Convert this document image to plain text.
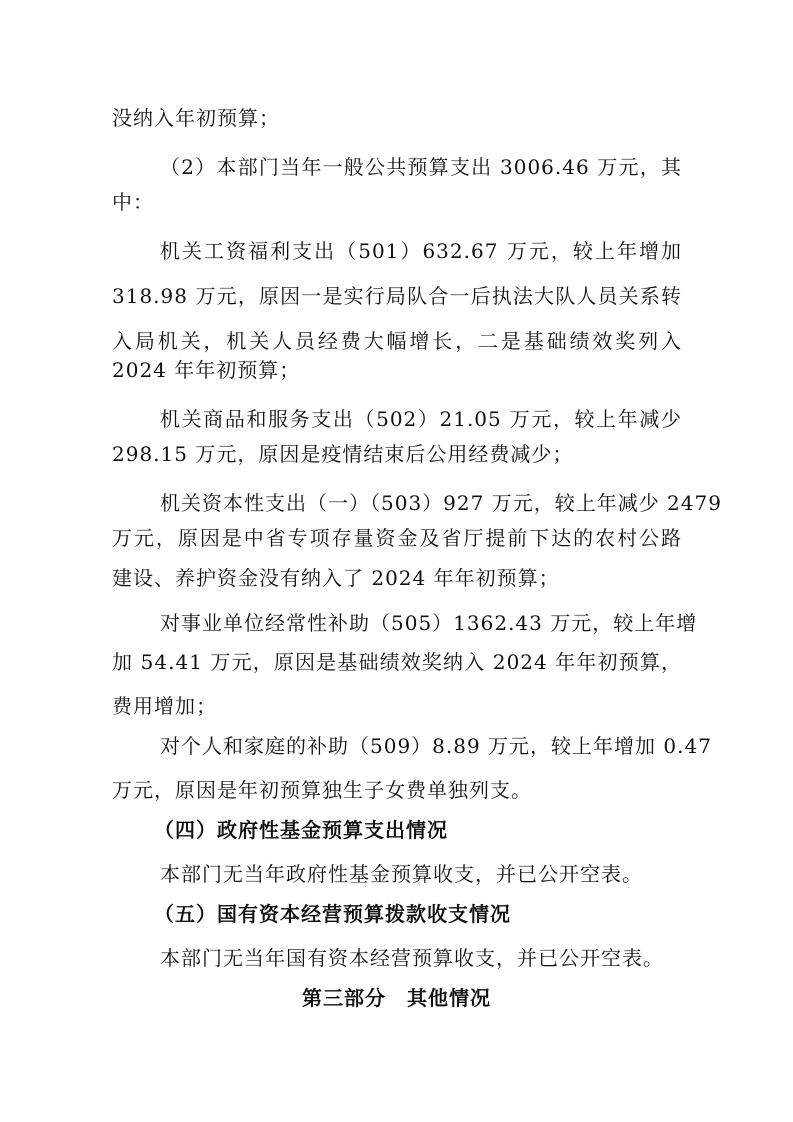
没纳入年初预算；
（2）本部门当年一般公共预算支出 3006.46 万元，其
中：
机关工资福利支出（501）632.67 万元，较上年增加
318.98 万元，原因一是实行局队合一后执法大队人员关系转
入局机关，机关人员经费大幅增长，二是基础绩效奖列入
2024 年年初预算；
机关商品和服务支出（502）21.05 万元，较上年减少
298.15 万元，原因是疫情结束后公用经费减少；
机关资本性支出（一）（503）927 万元，较上年减少 2479
万元，原因是中省专项存量资金及省厅提前下达的农村公路
建设、养护资金没有纳入了 2024 年年初预算；
对事业单位经常性补助（505）1362.43 万元，较上年增
加 54.41 万元，原因是基础绩效奖纳入 2024 年年初预算，
费用增加；
对个人和家庭的补助（509）8.89 万元，较上年增加 0.47
万元，原因是年初预算独生子女费单独列支。
（四）政府性基金预算支出情况
本部门无当年政府性基金预算收支，并已公开空表。
（五）国有资本经营预算拨款收支情况
本部门无当年国有资本经营预算收支，并已公开空表。
第三部分　其他情况
